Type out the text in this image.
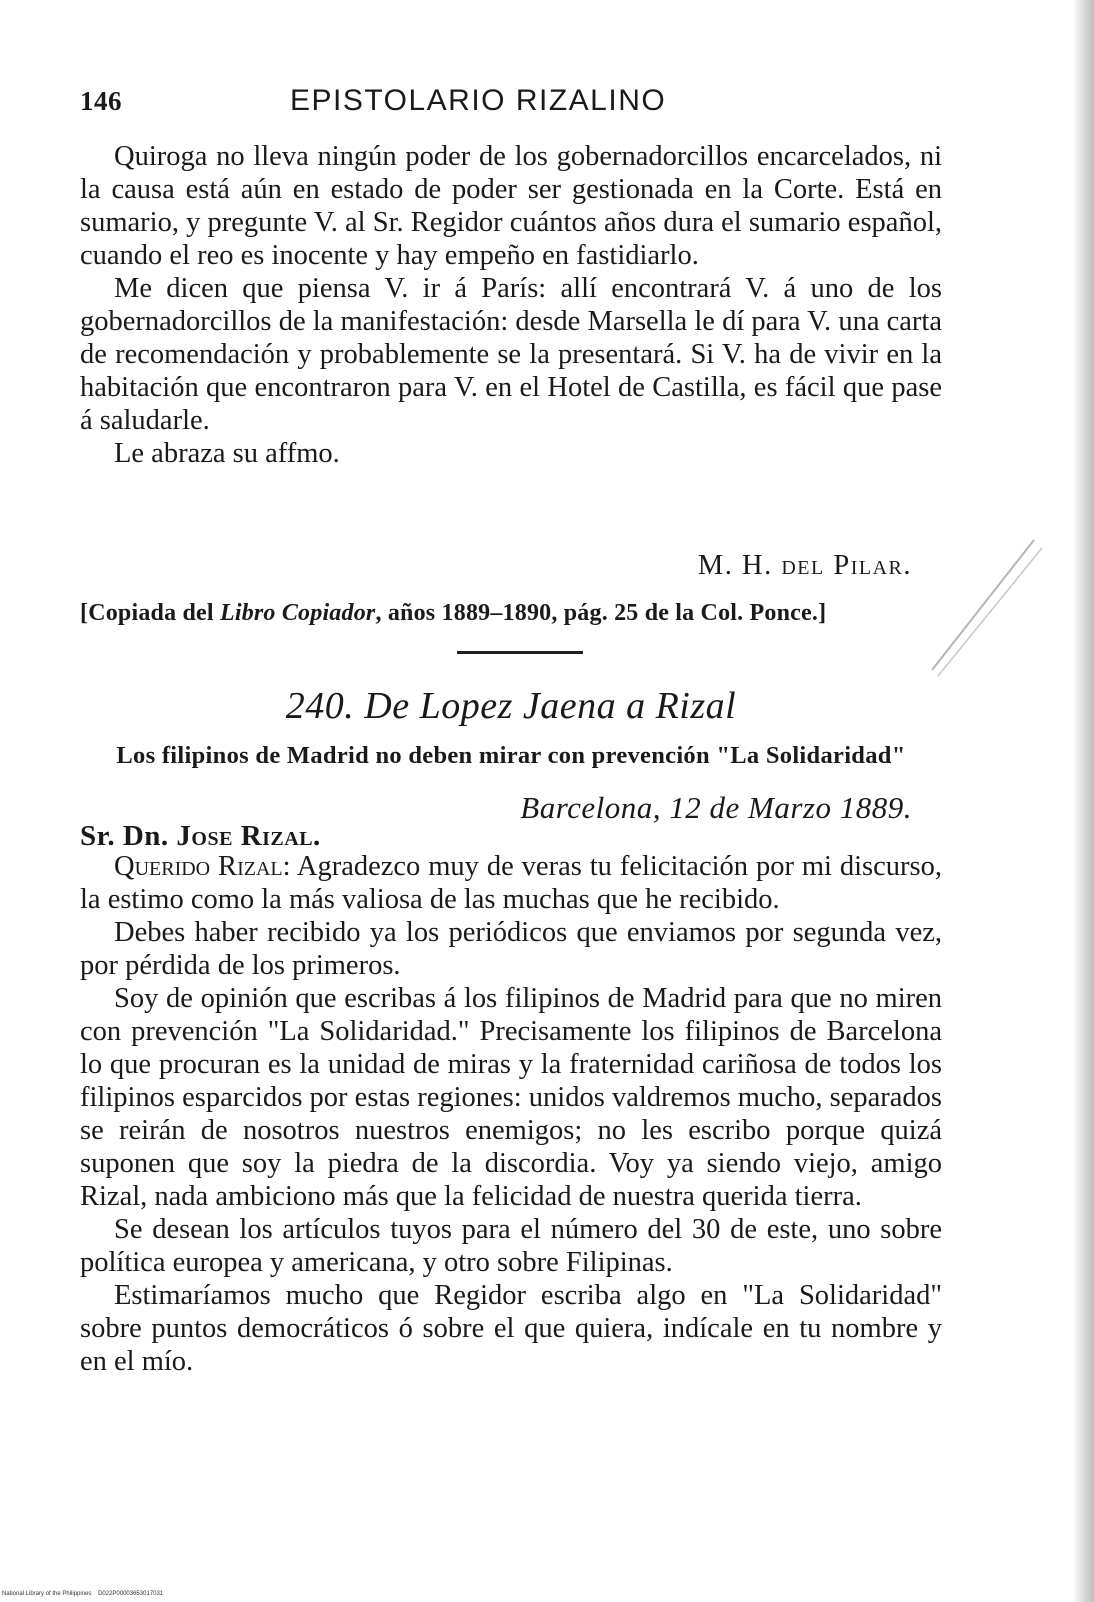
146	EPISTOLARIO RIZALINO

Quiroga no lleva ningún poder de los gobernadorcillos encarcelados, ni la causa está aún en estado de poder ser gestionada en la Corte. Está en sumario, y pregunte V. al Sr. Regidor cuántos años dura el sumario español, cuando el reo es inocente y hay empeño en fastidiarlo.

Me dicen que piensa V. ir á París: allí encontrará V. á uno de los gobernadorcillos de la manifestación: desde Marsella le dí para V. una carta de recomendación y probablemente se la presentará. Si V. ha de vivir en la habitación que encontraron para V. en el Hotel de Castilla, es fácil que pase á saludarle.

Le abraza su affmo.

M. H. del Pilar.
[Copiada del Libro Copiador, años 1889–1890, pág. 25 de la Col. Ponce.]
240. De Lopez Jaena a Rizal
Los filipinos de Madrid no deben mirar con prevención "La Solidaridad"
Barcelona, 12 de Marzo 1889.
Sr. Dn. Jose Rizal.

Querido Rizal: Agradezco muy de veras tu felicitación por mi discurso, la estimo como la más valiosa de las muchas que he recibido.

Debes haber recibido ya los periódicos que enviamos por segunda vez, por pérdida de los primeros.

Soy de opinión que escribas á los filipinos de Madrid para que no miren con prevención "La Solidaridad." Precisamente los filipinos de Barcelona lo que procuran es la unidad de miras y la fraternidad cariñosa de todos los filipinos esparcidos por estas regiones: unidos valdremos mucho, separados se reirán de nosotros nuestros enemigos; no les escribo porque quizá suponen que soy la piedra de la discordia. Voy ya siendo viejo, amigo Rizal, nada ambiciono más que la felicidad de nuestra querida tierra.

Se desean los artículos tuyos para el número del 30 de este, uno sobre política europea y americana, y otro sobre Filipinas.

Estimaríamos mucho que Regidor escriba algo en "La Solidaridad" sobre puntos democráticos ó sobre el que quiera, indícale en tu nombre y en el mío.

National Library of the Philippines D022P00003653017031
